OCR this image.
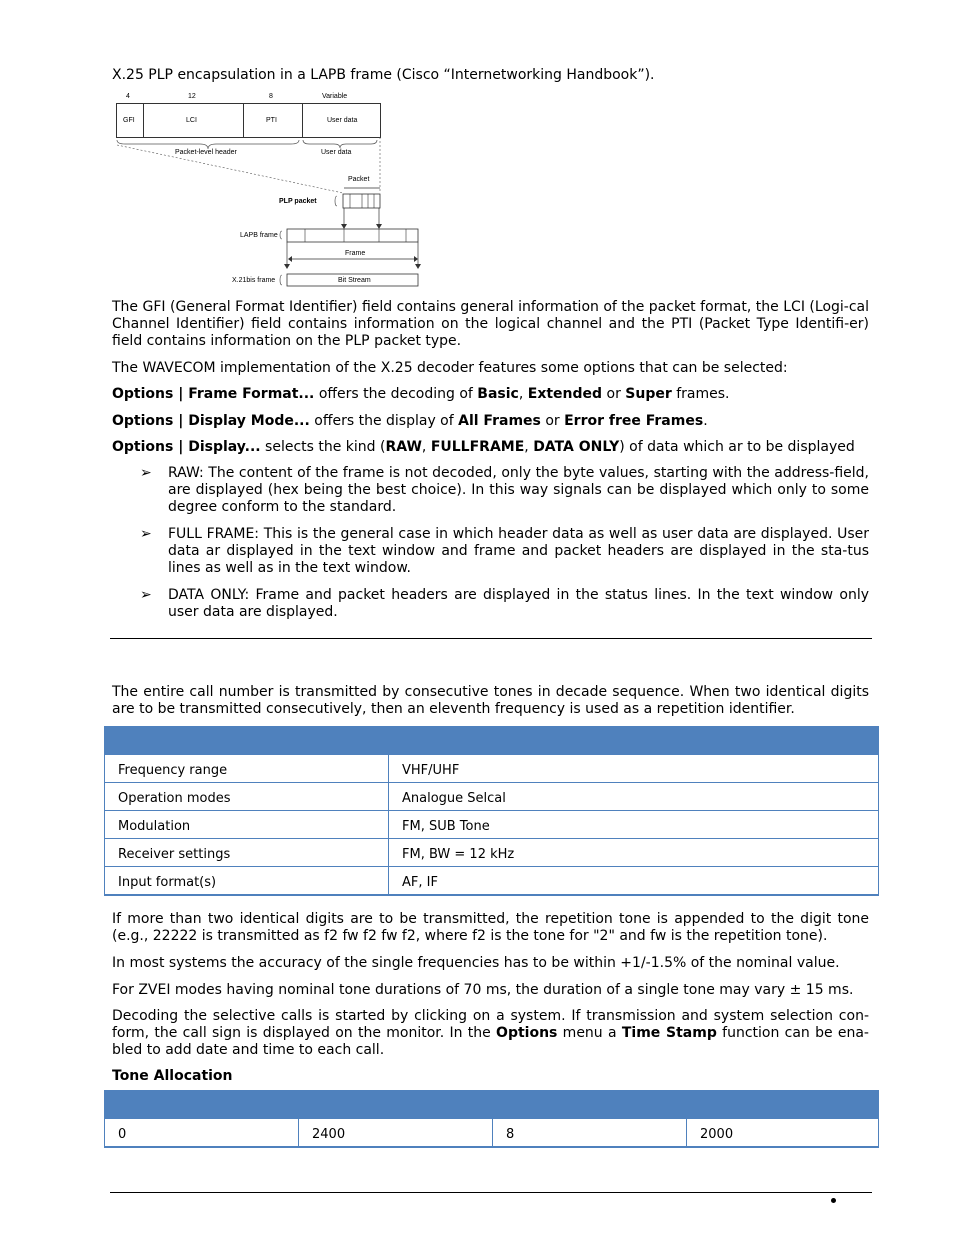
X.25 PLP encapsulation in a LAPB frame (Cisco “Internetworking Handbook”).
4	12	8	Variable
GFI	LCI	PTI	User data
Packet-level header	User data
Packet
PLP packet
LAPB frame
Frame
X.21bis frame	Bit Stream

The GFI (General Format Identifier) field contains general information of the packet format, the LCI (Logi-cal Channel Identifier) field contains information on the logical channel and the PTI (Packet Type Identifi-er) field contains information on the PLP packet type.

The WAVECOM implementation of the X.25 decoder features some options that can be selected:

Options | Frame Format... offers the decoding of Basic, Extended or Super frames.

Options | Display Mode... offers the display of All Frames or Error free Frames.

Options | Display... selects the kind (RAW, FULLFRAME, DATA ONLY) of data which ar to be displayed

➢	RAW: The content of the frame is not decoded, only the byte values, starting with the address-field, are displayed (hex being the best choice). In this way signals can be displayed which only to some degree conform to the standard.
➢	FULL FRAME: This is the general case in which header data as well as user data are displayed. User data ar displayed in the text window and frame and packet headers are displayed in the sta-tus lines as well as in the text window.
➢	DATA ONLY: Frame and packet headers are displayed in the status lines. In the text window only user data are displayed.

The entire call number is transmitted by consecutive tones in decade sequence. When two identical digits are to be transmitted consecutively, then an eleventh frequency is used as a repetition identifier.

Frequency range	VHF/UHF
Operation modes	Analogue Selcal
Modulation	FM, SUB Tone
Receiver settings	FM, BW = 12 kHz
Input format(s)	AF, IF

If more than two identical digits are to be transmitted, the repetition tone is appended to the digit tone (e.g., 22222 is transmitted as f2 fw f2 fw f2, where f2 is the tone for "2" and fw is the repetition tone).

In most systems the accuracy of the single frequencies has to be within +1/-1.5% of the nominal value.

For ZVEI modes having nominal tone durations of 70 ms, the duration of a single tone may vary ± 15 ms.

Decoding the selective calls is started by clicking on a system. If transmission and system selection con-form, the call sign is displayed on the monitor. In the Options menu a Time Stamp function can be ena-bled to add date and time to each call.

Tone Allocation

0	2400	8	2000
